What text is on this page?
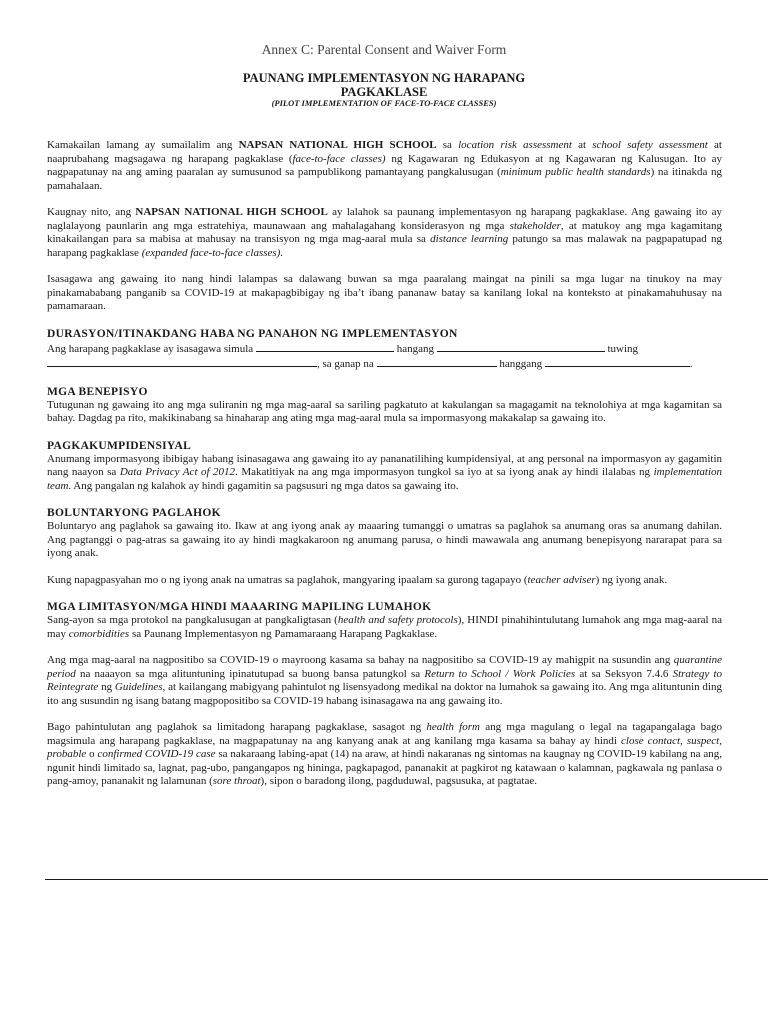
Annex C: Parental Consent and Waiver Form
PAUNANG IMPLEMENTASYON NG HARAPANG
PAGKAKLASE
(PILOT IMPLEMENTATION OF FACE-TO-FACE CLASSES)

Kamakailan lamang ay sumailalim ang NAPSAN NATIONAL HIGH SCHOOL sa location risk assessment at school safety assessment at naaprubahang magsagawa ng harapang pagkaklase (face-to-face classes) ng Kagawaran ng Edukasyon at ng Kagawaran ng Kalusugan. Ito ay nagpapatunay na ang aming paaralan ay sumusunod sa pampublikong pamantayang pangkalusugan (minimum public health standards) na itinakda ng pamahalaan.

Kaugnay nito, ang NAPSAN NATIONAL HIGH SCHOOL ay lalahok sa paunang implementasyon ng harapang pagkaklase. Ang gawaing ito ay naglalayong paunlarin ang mga estratehiya, maunawaan ang mahalagahang konsiderasyon ng mga stakeholder, at matukoy ang mga kagamitang kinakailangan para sa mabisa at mahusay na transisyon ng mga mag-aaral mula sa distance learning patungo sa mas malawak na pagpapatupad ng harapang pagkaklase (expanded face-to-face classes).

Isasagawa ang gawaing ito nang hindi lalampas sa dalawang buwan sa mga paaralang maingat na pinili sa mga lugar na tinukoy na may pinakamababang panganib sa COVID-19 at makapagbibigay ng iba’t ibang pananaw batay sa kanilang lokal na konteksto at pinakamahuhusay na pamamaraan.

DURASYON/ITINAKDANG HABA NG PANAHON NG IMPLEMENTASYON

Ang harapang pagkaklase ay isasagawa simula	hangang	tuwing
, sa ganap na	hanggang	.

MGA BENEPISYO

Tutugunan ng gawaing ito ang mga suliranin ng mga mag-aaral sa sariling pagkatuto at kakulangan sa magagamit na teknolohiya at mga kagamitan sa bahay. Dagdag pa rito, makikinabang sa hinaharap ang ating mga mag-aaral mula sa impormasyong makakalap sa gawaing ito.

PAGKAKUMPIDENSIYAL

Anumang impormasyong ibibigay habang isinasagawa ang gawaing ito ay pananatilihing kumpidensiyal, at ang personal na impormasyon ay gagamitin nang naayon sa Data Privacy Act of 2012. Makatitiyak na ang mga impormasyon tungkol sa iyo at sa iyong anak ay hindi ilalabas ng implementation team. Ang pangalan ng kalahok ay hindi gagamitin sa pagsusuri ng mga datos sa gawaing ito.

BOLUNTARYONG PAGLAHOK

Boluntaryo ang paglahok sa gawaing ito. Ikaw at ang iyong anak ay maaaring tumanggi o umatras sa paglahok sa anumang oras sa anumang dahilan. Ang pagtanggi o pag-atras sa gawaing ito ay hindi magkakaroon ng anumang parusa, o hindi mawawala ang anumang benepisyong nararapat para sa iyong anak.

Kung napagpasyahan mo o ng iyong anak na umatras sa paglahok, mangyaring ipaalam sa gurong tagapayo (teacher adviser) ng iyong anak.

MGA LIMITASYON/MGA HINDI MAAARING MAPILING LUMAHOK

Sang-ayon sa mga protokol na pangkalusugan at pangkaligtasan (health and safety protocols), HINDI pinahihintulutang lumahok ang mga mag-aaral na may comorbidities sa Paunang Implementasyon ng Pamamaraang Harapang Pagkaklase.

Ang mga mag-aaral na nagpositibo sa COVID-19 o mayroong kasama sa bahay na nagpositibo sa COVID-19 ay mahigpit na susundin ang quarantine period na naaayon sa mga alituntuning ipinatutupad sa buong bansa patungkol sa Return to School / Work Policies at sa Seksyon 7.4.6 Strategy to Reintegrate ng Guidelines, at kailangang mabigyang pahintulot ng lisensyadong medikal na doktor na lumahok sa gawaing ito. Ang mga alituntunin ding ito ang susundin ng isang batang magpopositibo sa COVID-19 habang isinasagawa na ang gawaing ito.

Bago pahintulutan ang paglahok sa limitadong harapang pagkaklase, sasagot ng health form ang mga magulang o legal na tagapangalaga bago magsimula ang harapang pagkaklase, na magpapatunay na ang kanyang anak at ang kanilang mga kasama sa bahay ay hindi close contact, suspect, probable o confirmed COVID-19 case sa nakaraang labing-apat (14) na araw, at hindi nakaranas ng sintomas na kaugnay ng COVID-19 kabilang na ang, ngunit hindi limitado sa, lagnat, pag-ubo, pangangapos ng hininga, pagkapagod, pananakit at pagkirot ng katawaan o kalamnan, pagkawala ng panlasa o pang-amoy, pananakit ng lalamunan (sore throat), sipon o baradong ilong, pagduduwal, pagsusuka, at pagtatae.
